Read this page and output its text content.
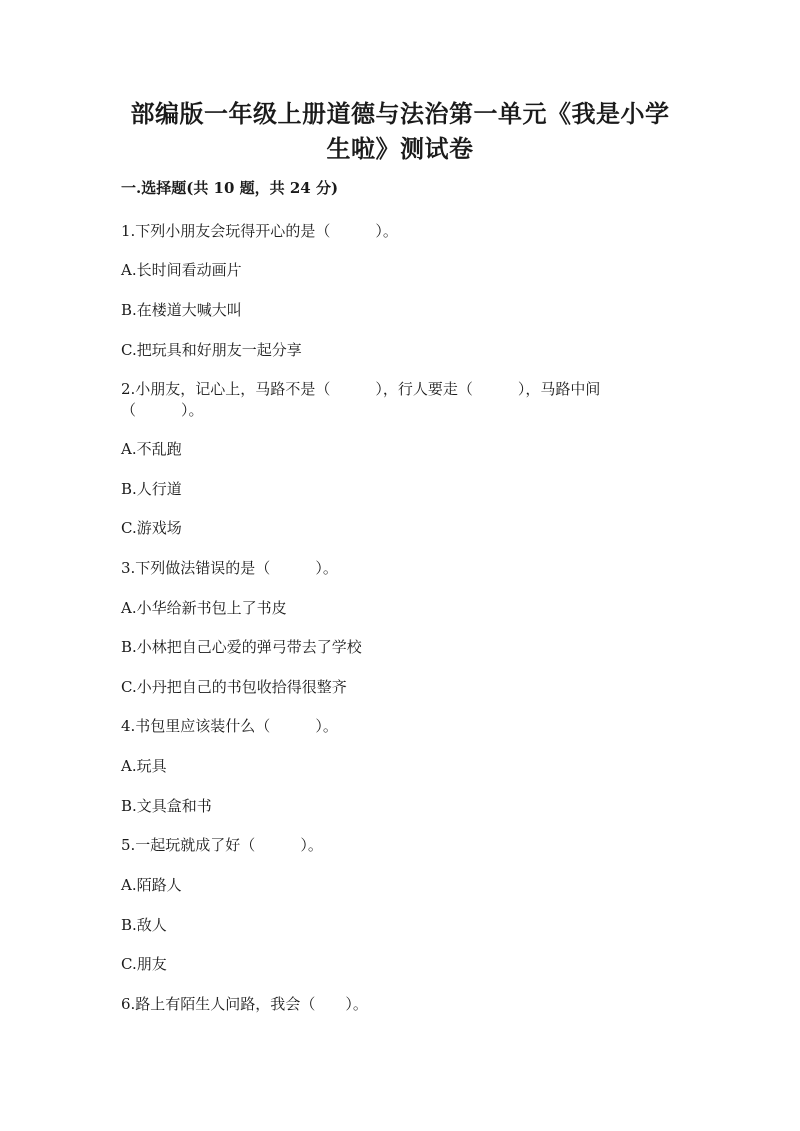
部编版一年级上册道德与法治第一单元《我是小学
生啦》测试卷
一.选择题(共 10 题，共 24 分)
1.下列小朋友会玩得开心的是（　　　）。
A.长时间看动画片
B.在楼道大喊大叫
C.把玩具和好朋友一起分享
2.小朋友，记心上，马路不是（　　　），行人要走（　　　），马路中间
（　　　）。
A.不乱跑
B.人行道
C.游戏场
3.下列做法错误的是（　　　）。
A.小华给新书包上了书皮
B.小林把自己心爱的弹弓带去了学校
C.小丹把自己的书包收拾得很整齐
4.书包里应该装什么（　　　）。
A.玩具
B.文具盒和书
5.一起玩就成了好（　　　）。
A.陌路人
B.敌人
C.朋友
6.路上有陌生人问路，我会（　　）。
